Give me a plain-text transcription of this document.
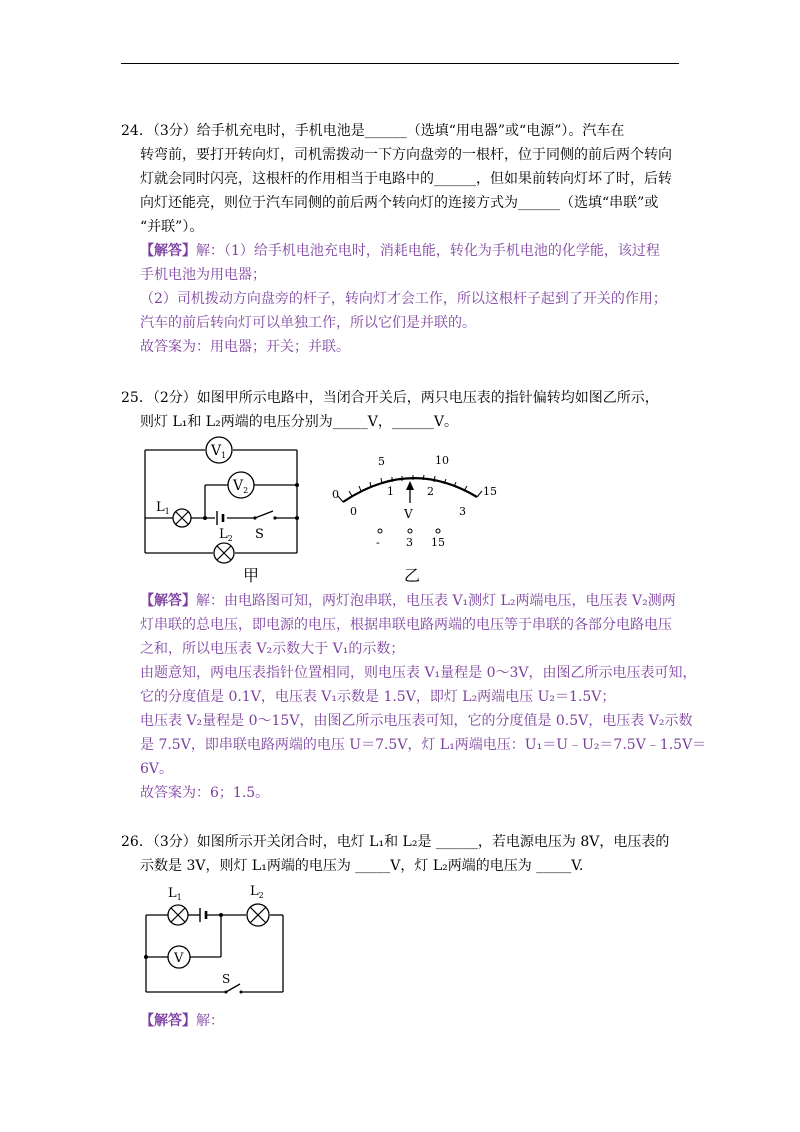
24．（3分）给手机充电时，手机电池是______（选填“用电器”或“电源”）。汽车在
转弯前，要打开转向灯，司机需拨动一下方向盘旁的一根杆，位于同侧的前后两个转向
灯就会同时闪亮，这根杆的作用相当于电路中的______，但如果前转向灯坏了时，后转
向灯还能亮，则位于汽车同侧的前后两个转向灯的连接方式为______（选填“串联”或
“并联”）。
【解答】解：（1）给手机电池充电时，消耗电能，转化为手机电池的化学能，该过程
手机电池为用电器；
（2）司机拨动方向盘旁的杆子，转向灯才会工作，所以这根杆子起到了开关的作用；
汽车的前后转向灯可以单独工作，所以它们是并联的。
故答案为：用电器；开关；并联。
25．（2分）如图甲所示电路中，当闭合开关后，两只电压表的指针偏转均如图乙所示，
则灯 L₁和 L₂两端的电压分别为_____V，______V。
$V_1$
$V_2$
$L_1$
$L_2$ S
甲
0
5	10
15
0
1	2
3
V
- 3 15
乙
【解答】解：由电路图可知，两灯泡串联，电压表 V₁测灯 L₂两端电压，电压表 V₂测两
灯串联的总电压，即电源的电压，根据串联电路两端的电压等于串联的各部分电路电压
之和，所以电压表 V₂示数大于 V₁的示数；
由题意知，两电压表指针位置相同，则电压表 V₁量程是 0～3V，由图乙所示电压表可知，
它的分度值是 0.1V，电压表 V₁示数是 1.5V，即灯 L₂两端电压 U₂＝1.5V；
电压表 V₂量程是 0～15V，由图乙所示电压表可知，它的分度值是 0.5V，电压表 V₂示数
是 7.5V，即串联电路两端的电压 U＝7.5V，灯 L₁两端电压：U₁＝U﹣U₂＝7.5V﹣1.5V＝
6V。
故答案为：6；1.5。
26．（3分）如图所示开关闭合时，电灯 L₁和 L₂是 ______，若电源电压为 8V，电压表的
示数是 3V，则灯 L₁两端的电压为 _____V，灯 L₂两端的电压为 _____V.
$L_1$	$L_2$
V
S
【解答】解：
